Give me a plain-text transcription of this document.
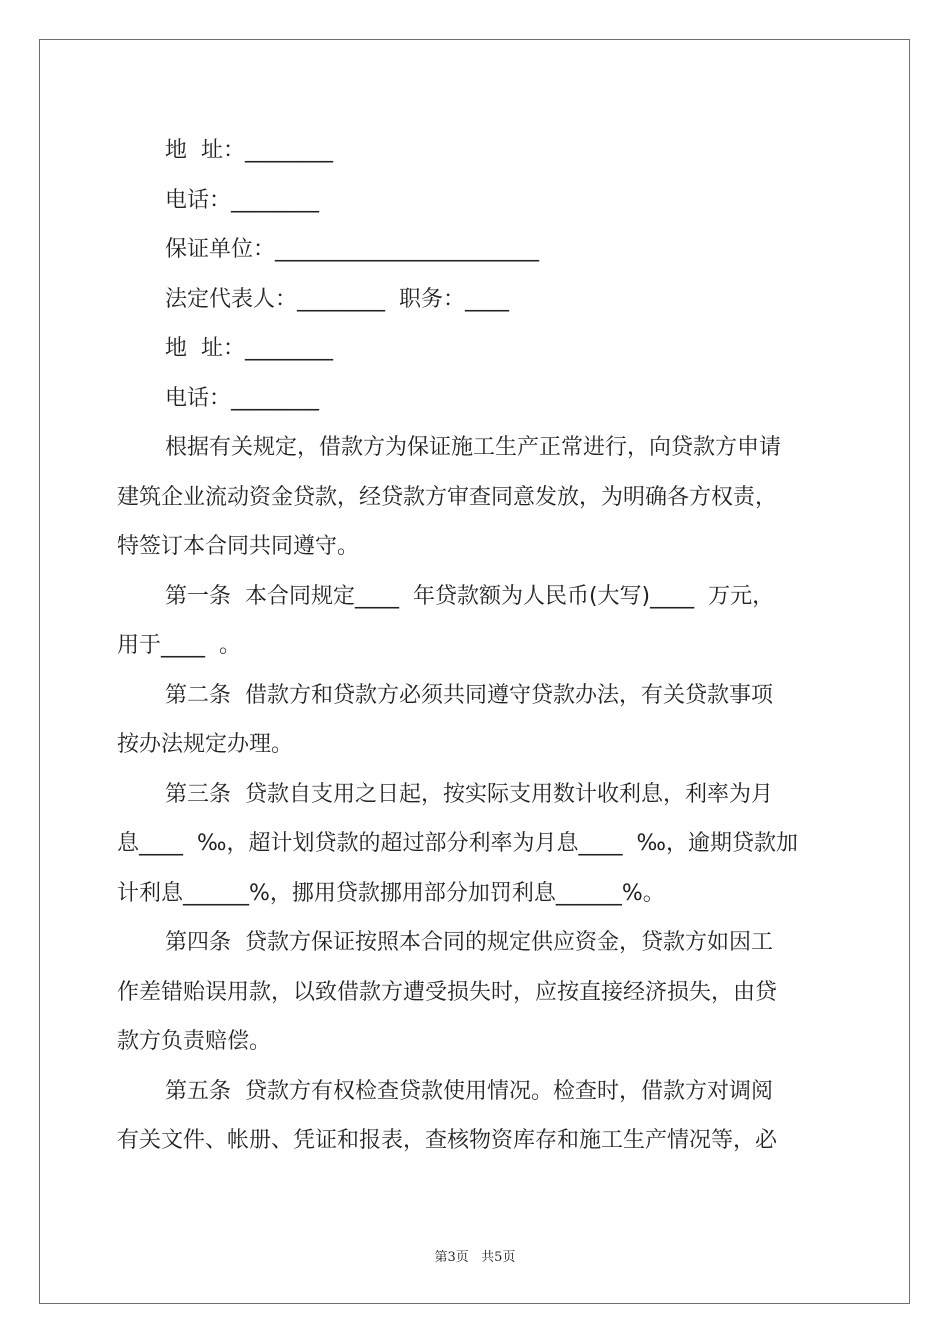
地  址：________
电话：________
保证单位：________________________
法定代表人：________  职务：____
地  址：________
电话：________
根据有关规定，借款方为保证施工生产正常进行，向贷款方申请
建筑企业流动资金贷款，经贷款方审查同意发放，为明确各方权责，
特签订本合同共同遵守。
第一条  本合同规定____  年贷款额为人民币(大写)____  万元，
用于____  。
第二条  借款方和贷款方必须共同遵守贷款办法，有关贷款事项
按办法规定办理。
第三条  贷款自支用之日起，按实际支用数计收利息，利率为月
息____  ‰，超计划贷款的超过部分利率为月息____  ‰，逾期贷款加
计利息______%，挪用贷款挪用部分加罚利息______%。
第四条  贷款方保证按照本合同的规定供应资金，贷款方如因工
作差错贻误用款，以致借款方遭受损失时，应按直接经济损失，由贷
款方负责赔偿。
第五条  贷款方有权检查贷款使用情况。检查时，借款方对调阅
有关文件、帐册、凭证和报表，查核物资库存和施工生产情况等，必
第3页   共5页
